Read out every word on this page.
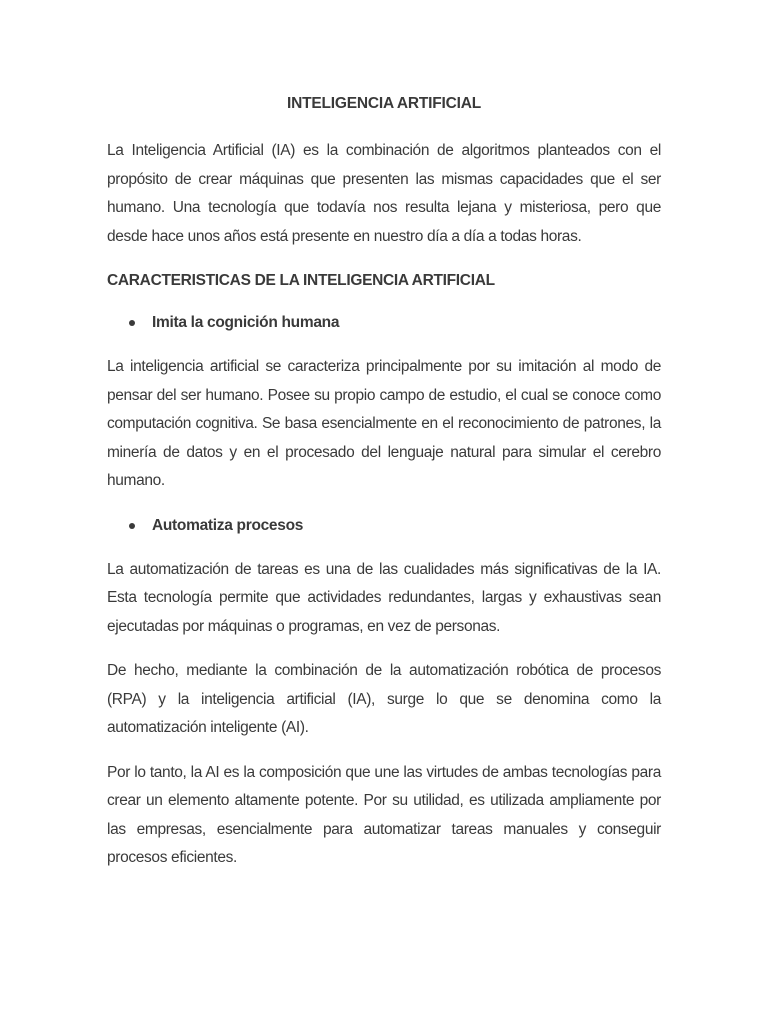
INTELIGENCIA ARTIFICIAL

La Inteligencia Artificial (IA) es la combinación de algoritmos planteados con el propósito de crear máquinas que presenten las mismas capacidades que el ser humano. Una tecnología que todavía nos resulta lejana y misteriosa, pero que desde hace unos años está presente en nuestro día a día a todas horas.

CARACTERISTICAS DE LA INTELIGENCIA ARTIFICIAL
Imita la cognición humana

La inteligencia artificial se caracteriza principalmente por su imitación al modo de pensar del ser humano. Posee su propio campo de estudio, el cual se conoce como computación cognitiva. Se basa esencialmente en el reconocimiento de patrones, la minería de datos y en el procesado del lenguaje natural para simular el cerebro humano.

Automatiza procesos

La automatización de tareas es una de las cualidades más significativas de la IA. Esta tecnología permite que actividades redundantes, largas y exhaustivas sean ejecutadas por máquinas o programas, en vez de personas.

De hecho, mediante la combinación de la automatización robótica de procesos (RPA) y la inteligencia artificial (IA), surge lo que se denomina como la automatización inteligente (AI).

Por lo tanto, la AI es la composición que une las virtudes de ambas tecnologías para crear un elemento altamente potente. Por su utilidad, es utilizada ampliamente por las empresas, esencialmente para automatizar tareas manuales y conseguir procesos eficientes.
